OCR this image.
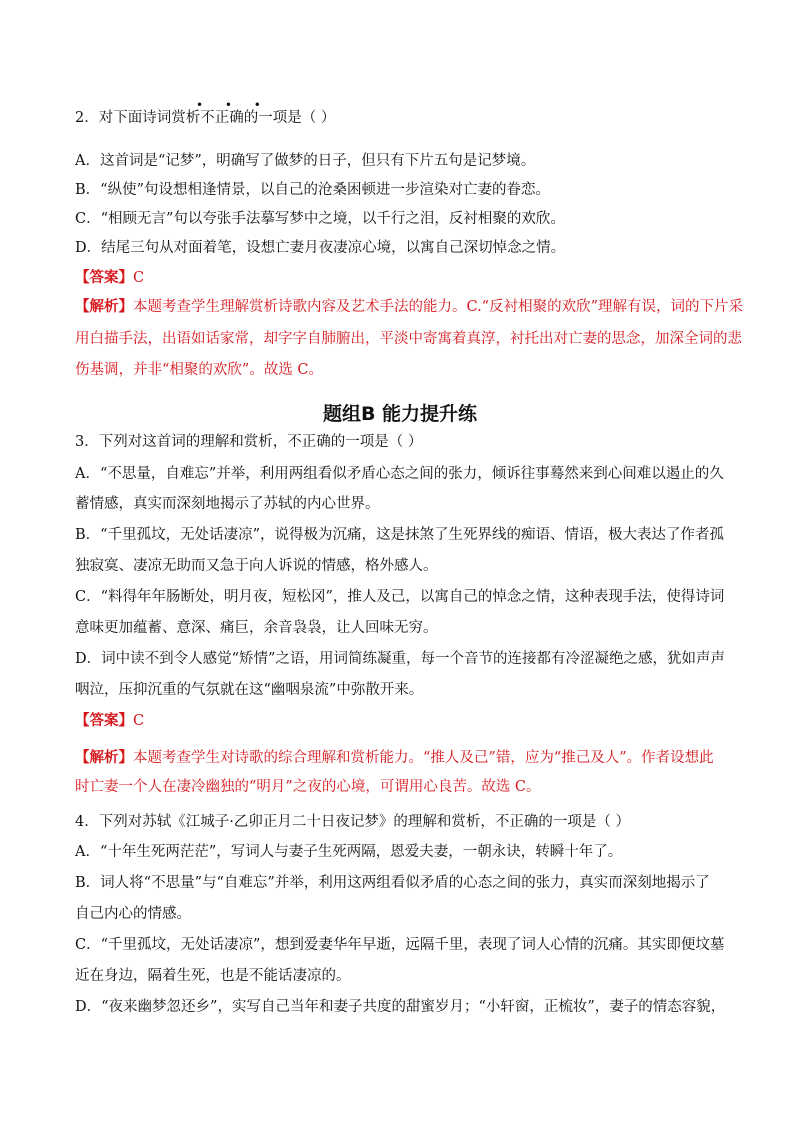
• • •
2．对下面诗词赏析不正确的一项是（ ）
A．这首词是“记梦”，明确写了做梦的日子，但只有下片五句是记梦境。
B．“纵使”句设想相逢情景，以自己的沧桑困顿进一步渲染对亡妻的眷恋。
C．“相顾无言”句以夸张手法摹写梦中之境，以千行之泪，反衬相聚的欢欣。
D．结尾三句从对面着笔，设想亡妻月夜凄凉心境，以寓自己深切悼念之情。
【答案】C
【解析】本题考查学生理解赏析诗歌内容及艺术手法的能力。C.“反衬相聚的欢欣”理解有误，词的下片采
用白描手法，出语如话家常，却字字自肺腑出，平淡中寄寓着真淳，衬托出对亡妻的思念，加深全词的悲
伤基调，并非“相聚的欢欣”。故选 C。
题组B 能力提升练
3．下列对这首词的理解和赏析，不正确的一项是（ ）
A．“不思量，自难忘”并举，利用两组看似矛盾心态之间的张力，倾诉往事蓦然来到心间难以遏止的久
蓄情感，真实而深刻地揭示了苏轼的内心世界。
B．“千里孤坟，无处话凄凉”，说得极为沉痛，这是抹煞了生死界线的痴语、情语，极大表达了作者孤
独寂寞、凄凉无助而又急于向人诉说的情感，格外感人。
C．“料得年年肠断处，明月夜，短松冈”，推人及己，以寓自己的悼念之情，这种表现手法，使得诗词
意味更加蕴蓄、意深、痛巨，余音袅袅，让人回味无穷。
D．词中读不到令人感觉“矫情”之语，用词简练凝重，每一个音节的连接都有冷涩凝绝之感，犹如声声
咽泣，压抑沉重的气氛就在这“幽咽泉流”中弥散开来。
【答案】C
【解析】本题考查学生对诗歌的综合理解和赏析能力。“推人及己”错，应为“推己及人”。作者设想此
时亡妻一个人在凄冷幽独的“明月”之夜的心境，可谓用心良苦。故选 C。
4．下列对苏轼《江城子·乙卯正月二十日夜记梦》的理解和赏析，不正确的一项是（ ）
A．“十年生死两茫茫”，写词人与妻子生死两隔，恩爱夫妻，一朝永诀，转瞬十年了。
B．词人将“不思量”与“自难忘”并举，利用这两组看似矛盾的心态之间的张力，真实而深刻地揭示了
自己内心的情感。
C．“千里孤坟，无处话凄凉”，想到爱妻华年早逝，远隔千里，表现了词人心情的沉痛。其实即便坟墓
近在身边，隔着生死，也是不能话凄凉的。
D．“夜来幽梦忽还乡”，实写自己当年和妻子共度的甜蜜岁月；“小轩窗，正梳妆”，妻子的情态容貌，
